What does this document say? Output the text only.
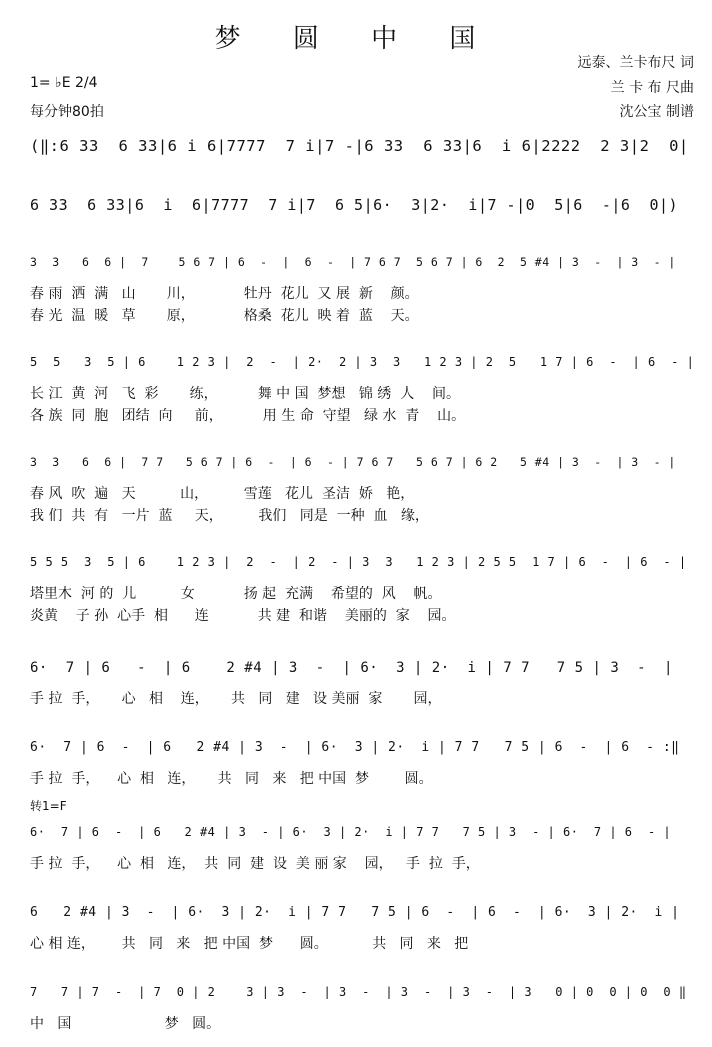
梦 圆 中 国
远泰、兰卡布尺 词
兰 卡 布 尺曲
沈公宝 制谱
1= ♭E 2/4
每分钟80拍
(‖:6 33  6 33|6 i 6|7777  7 i|7 -|6 33  6 33|6  i 6|2222  2 3|2  0|
6 33  6 33|6  i  6|7777  7 i|7  6 5|6·  3|2·  i|7 -|0  5|6  -|6  0|)
3  3   6  6 |  7    5 6 7 | 6  -  |  6  -  | 7 6 7  5 6 7 | 6  2  5 #4 | 3  -  | 3  - |
春 雨  洒  满   山       川，           牡丹  花儿  又 展  新    颜。
春 光  温  暖   草       原，           格桑  花儿  映 着  蓝    天。
5  5   3  5 | 6    1 2 3 |  2  -  | 2·  2 | 3  3   1 2 3 | 2  5   1 7 | 6  -  | 6  - |
长 江  黄  河   飞  彩       练，         舞 中 国  梦想   锦 绣  人    间。
各 族  同  胞   团结  向     前，         用 生 命  守望   绿 水  青    山。
3  3   6  6 |  7 7   5 6 7 | 6  -  | 6  - | 7 6 7   5 6 7 | 6 2   5 #4 | 3  -  | 3  - |
春 风  吹  遍   天          山，        雪莲   花儿  圣洁  娇   艳，
我 们  共  有   一片  蓝     天，        我们   同是  一种  血   缘，
5 5 5  3  5 | 6    1 2 3 |  2  -  | 2  - | 3  3   1 2 3 | 2 5 5  1 7 | 6  -  | 6  - |
塔里木  河 的  儿          女           扬 起  充满    希望的  风    帆。
炎黄    子 孙  心手  相      连           共 建  和谐    美丽的  家    园。
6·  7 | 6   -  | 6    2 #4 | 3  -  | 6·  3 | 2·  i | 7 7   7 5 | 3  -  |
手 拉  手，     心   相    连，     共   同   建   设 美丽  家       园，
6·  7 | 6  -  | 6   2 #4 | 3  -  | 6·  3 | 2·  i | 7 7   7 5 | 6  -  | 6  - :‖
手 拉  手，    心  相   连，     共   同   来   把 中国  梦        圆。
转1=F
6·  7 | 6  -  | 6   2 #4 | 3  - | 6·  3 | 2·  i | 7 7   7 5 | 3  - | 6·  7 | 6  - |
手 拉  手，    心  相   连，  共  同  建  设  美 丽 家    园，   手  拉  手，
6   2 #4 | 3  -  | 6·  3 | 2·  i | 7 7   7 5 | 6  -  | 6  -  | 6·  3 | 2·  i |
心 相 连，      共   同   来   把 中国  梦      圆。          共   同   来   把
7   7 | 7  -  | 7  0 | 2    3 | 3  -  | 3  -  | 3  -  | 3  -  | 3   0 | 0  0 | 0  0 ‖
中   国                     梦   圆。
